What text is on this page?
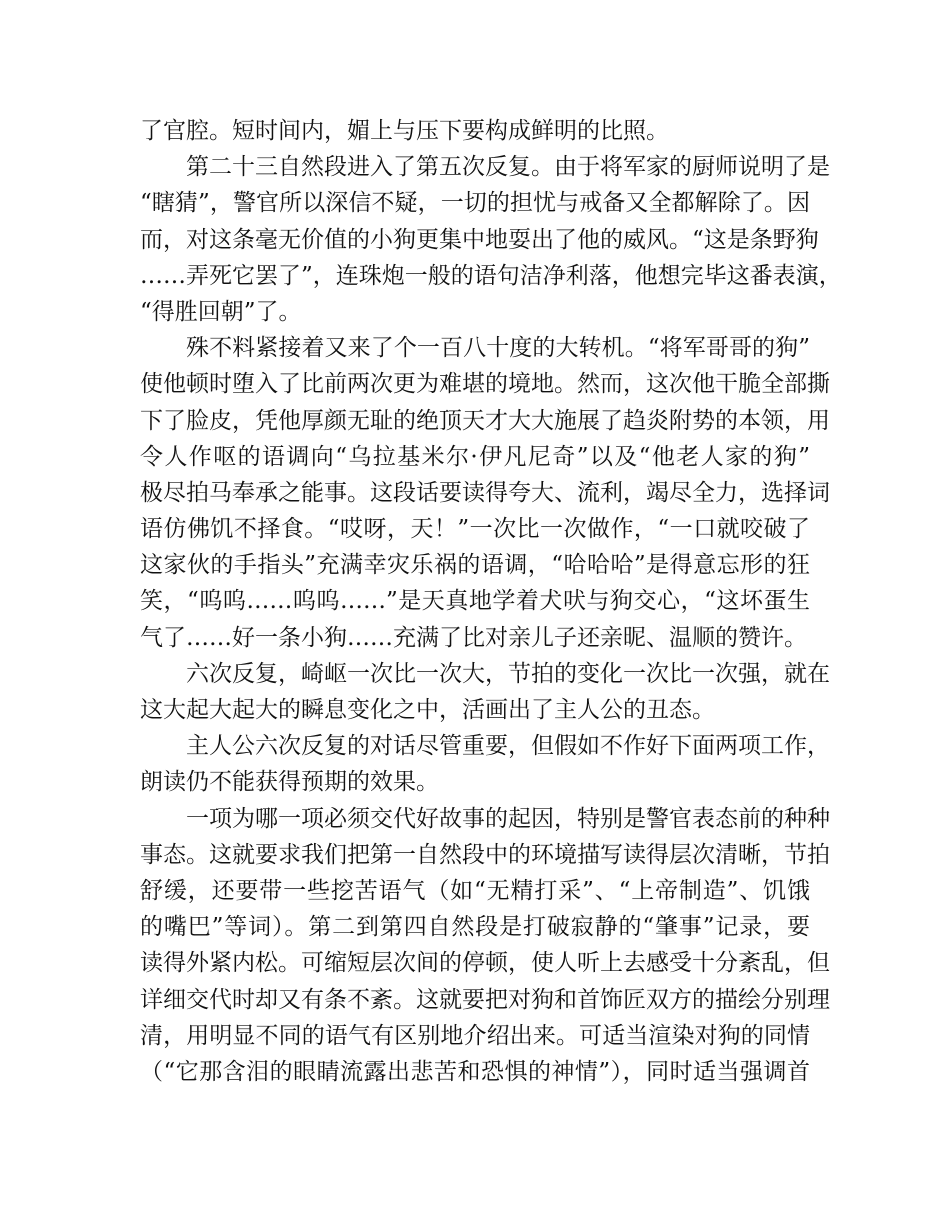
了官腔。短时间内，媚上与压下要构成鲜明的比照。
第二十三自然段进入了第五次反复。由于将军家的厨师说明了是
“瞎猜”，警官所以深信不疑，一切的担忧与戒备又全都解除了。因
而，对这条毫无价值的小狗更集中地耍出了他的威风。“这是条野狗
……弄死它罢了”，连珠炮一般的语句洁净利落，他想完毕这番表演，
“得胜回朝”了。
殊不料紧接着又来了个一百八十度的大转机。“将军哥哥的狗”
使他顿时堕入了比前两次更为难堪的境地。然而，这次他干脆全部撕
下了脸皮，凭他厚颜无耻的绝顶天才大大施展了趋炎附势的本领，用
令人作呕的语调向“乌拉基米尔·伊凡尼奇”以及“他老人家的狗”
极尽拍马奉承之能事。这段话要读得夸大、流利，竭尽全力，选择词
语仿佛饥不择食。“哎呀，天！”一次比一次做作，“一口就咬破了
这家伙的手指头”充满幸灾乐祸的语调，“哈哈哈”是得意忘形的狂
笑，“呜呜……呜呜……”是天真地学着犬吠与狗交心，“这坏蛋生
气了……好一条小狗……充满了比对亲儿子还亲昵、温顺的赞许。
六次反复，崎岖一次比一次大，节拍的变化一次比一次强，就在
这大起大起大的瞬息变化之中，活画出了主人公的丑态。
主人公六次反复的对话尽管重要，但假如不作好下面两项工作，
朗读仍不能获得预期的效果。
一项为哪一项必须交代好故事的起因，特别是警官表态前的种种
事态。这就要求我们把第一自然段中的环境描写读得层次清晰，节拍
舒缓，还要带一些挖苦语气（如“无精打采”、“上帝制造”、饥饿
的嘴巴”等词）。第二到第四自然段是打破寂静的“肇事”记录，要
读得外紧内松。可缩短层次间的停顿，使人听上去感受十分紊乱，但
详细交代时却又有条不紊。这就要把对狗和首饰匠双方的描绘分别理
清，用明显不同的语气有区别地介绍出来。可适当渲染对狗的同情
（“它那含泪的眼睛流露出悲苦和恐惧的神情”），同时适当强调首
